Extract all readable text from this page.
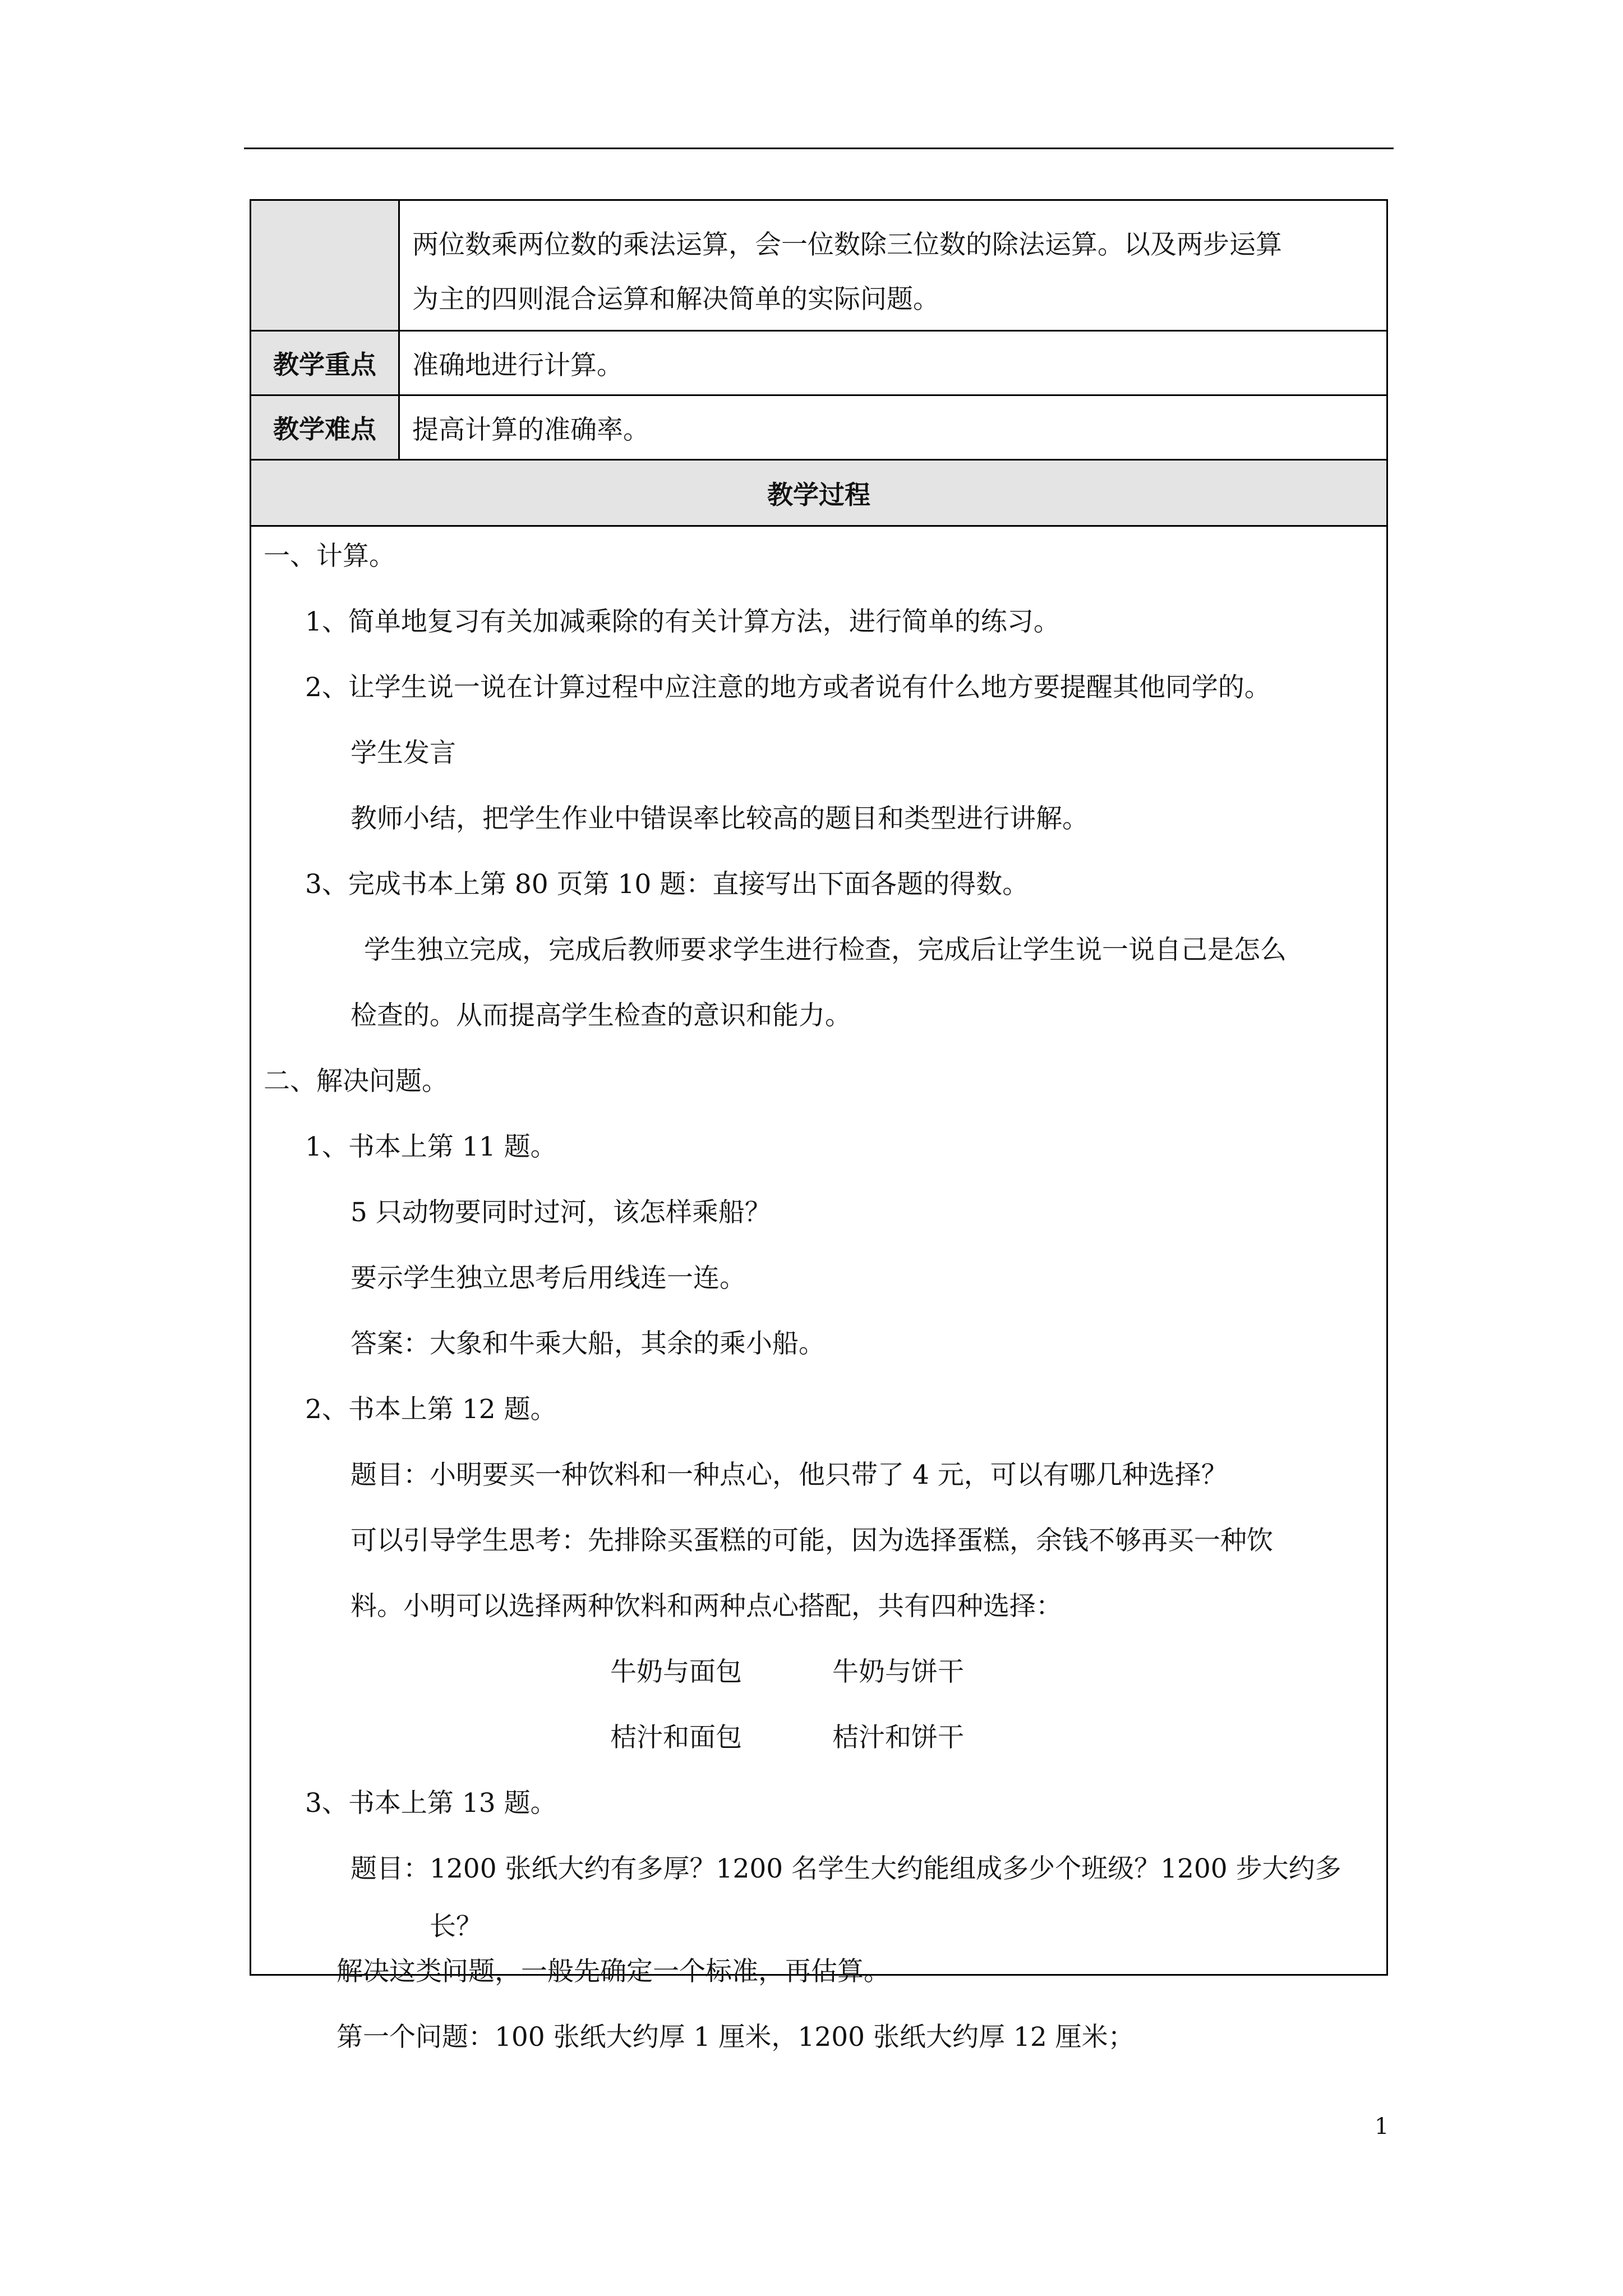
两位数乘两位数的乘法运算，会一位数除三位数的除法运算。以及两步运算

为主的四则混合运算和解决简单的实际问题。

教学重点	准确地进行计算。
教学难点	提高计算的准确率。
教学过程
一、计算。
1、简单地复习有关加减乘除的有关计算方法，进行简单的练习。
2、让学生说一说在计算过程中应注意的地方或者说有什么地方要提醒其他同学的。
学生发言
教师小结，把学生作业中错误率比较高的题目和类型进行讲解。
3、完成书本上第 80 页第 10 题：直接写出下面各题的得数。
学生独立完成，完成后教师要求学生进行检查，完成后让学生说一说自己是怎么
检查的。从而提高学生检查的意识和能力。
二、解决问题。
1、书本上第 11 题。
5 只动物要同时过河，该怎样乘船？
要示学生独立思考后用线连一连。
答案：大象和牛乘大船，其余的乘小船。
2、书本上第 12 题。
题目：小明要买一种饮料和一种点心，他只带了 4 元，可以有哪几种选择？
可以引导学生思考：先排除买蛋糕的可能，因为选择蛋糕，余钱不够再买一种饮
料。小明可以选择两种饮料和两种点心搭配，共有四种选择：
牛奶与面包	牛奶与饼干
桔汁和面包	桔汁和饼干
3、书本上第 13 题。
题目：1200 张纸大约有多厚？1200 名学生大约能组成多少个班级？1200 步大约多
长？
解决这类问题，一般先确定一个标准，再估算。
第一个问题：100 张纸大约厚 1 厘米，1200 张纸大约厚 12 厘米；
1
